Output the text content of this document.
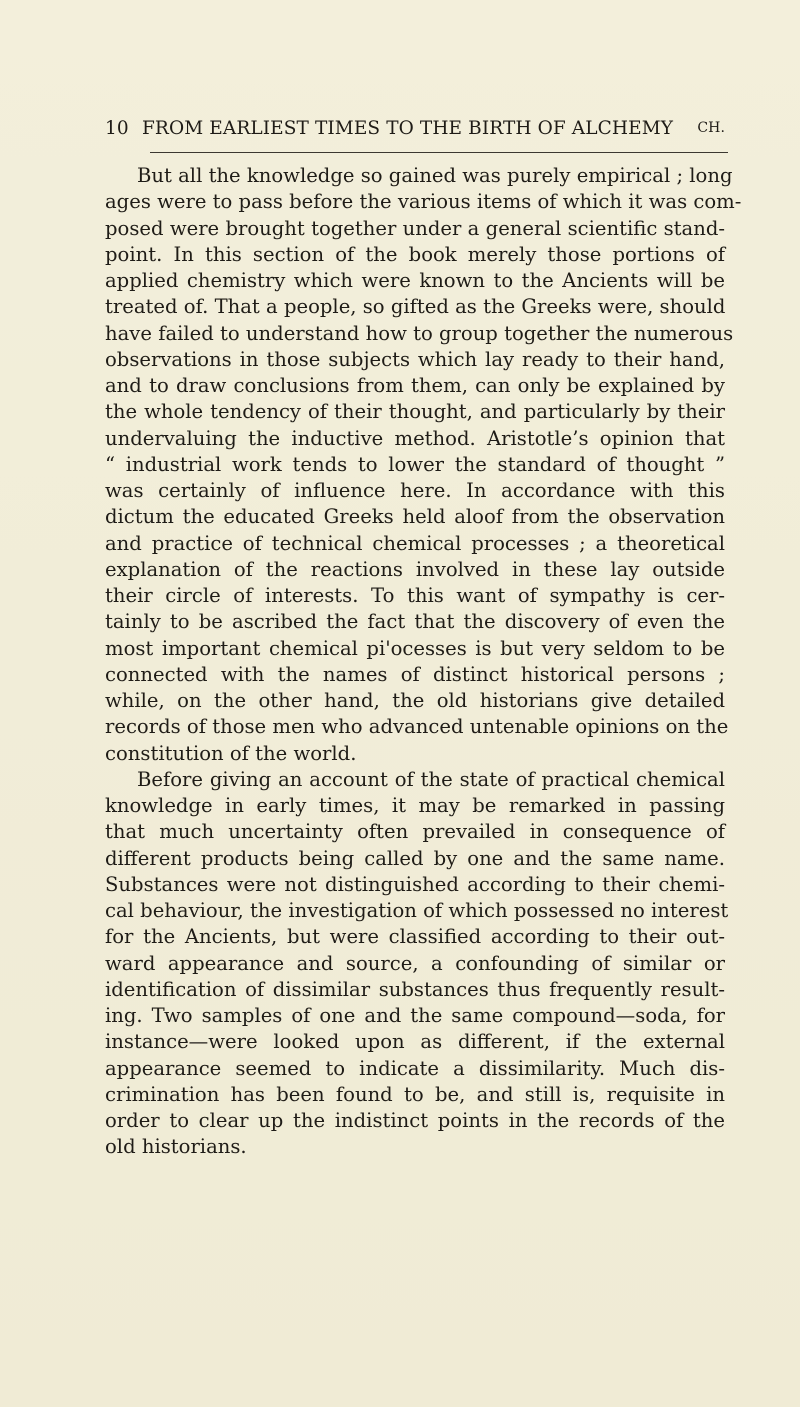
10 FROM EARLIEST TIMES TO THE BIRTH OF ALCHEMY CH.
But all the knowledge so gained was purely empirical ; long
ages were to pass before the various items of which it was com-
posed were brought together under a general scientific stand-
point. In this section of the book merely those portions of
applied chemistry which were known to the Ancients will be
treated of. That a people, so gifted as the Greeks were, should
have failed to understand how to group together the numerous
observations in those subjects which lay ready to their hand,
and to draw conclusions from them, can only be explained by
the whole tendency of their thought, and particularly by their
undervaluing the inductive method. Aristotle’s opinion that
“ industrial work tends to lower the standard of thought ”
was certainly of influence here. In accordance with this
dictum the educated Greeks held aloof from the observation
and practice of technical chemical processes ; a theoretical
explanation of the reactions involved in these lay outside
their circle of interests. To this want of sympathy is cer-
tainly to be ascribed the fact that the discovery of even the
most important chemical pi'ocesses is but very seldom to be
connected with the names of distinct historical persons ;
while, on the other hand, the old historians give detailed
records of those men who advanced untenable opinions on the
constitution of the world.
Before giving an account of the state of practical chemical
knowledge in early times, it may be remarked in passing
that much uncertainty often prevailed in consequence of
different products being called by one and the same name.
Substances were not distinguished according to their chemi-
cal behaviour, the investigation of which possessed no interest
for the Ancients, but were classified according to their out-
ward appearance and source, a confounding of similar or
identification of dissimilar substances thus frequently result-
ing. Two samples of one and the same compound—soda, for
instance—were looked upon as different, if the external
appearance seemed to indicate a dissimilarity. Much dis-
crimination has been found to be, and still is, requisite in
order to clear up the indistinct points in the records of the
old historians.
